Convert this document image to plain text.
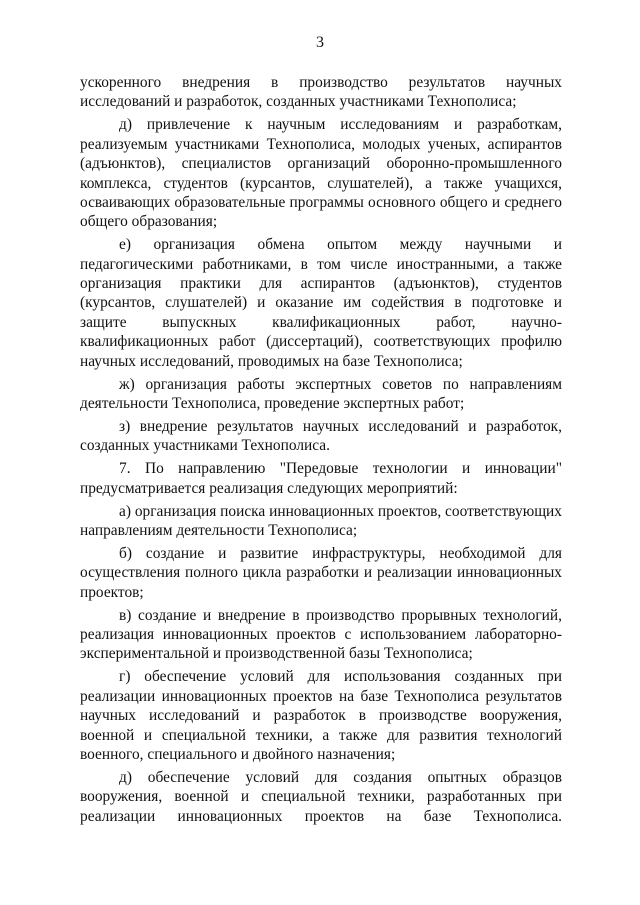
3

ускоренного внедрения в производство результатов научных исследований и разработок, созданных участниками Технополиса;

д) привлечение к научным исследованиям и разработкам, реализуемым участниками Технополиса, молодых ученых, аспирантов (адъюнктов), специалистов организаций оборонно-промышленного комплекса, студентов (курсантов, слушателей), а также учащихся, осваивающих образовательные программы основного общего и среднего общего образования;

е) организация обмена опытом между научными и педагогическими работниками, в том числе иностранными, а также организация практики для аспирантов (адъюнктов), студентов (курсантов, слушателей) и оказание им содействия в подготовке и защите выпускных квалификационных работ, научно-квалификационных работ (диссертаций), соответствующих профилю научных исследований, проводимых на базе Технополиса;

ж) организация работы экспертных советов по направлениям деятельности Технополиса, проведение экспертных работ;

з) внедрение результатов научных исследований и разработок, созданных участниками Технополиса.

7. По направлению "Передовые технологии и инновации" предусматривается реализация следующих мероприятий:

а) организация поиска инновационных проектов, соответствующих направлениям деятельности Технополиса;

б) создание и развитие инфраструктуры, необходимой для осуществления полного цикла разработки и реализации инновационных проектов;

в) создание и внедрение в производство прорывных технологий, реализация инновационных проектов с использованием лабораторно-экспериментальной и производственной базы Технополиса;

г) обеспечение условий для использования созданных при реализации инновационных проектов на базе Технополиса результатов научных исследований и разработок в производстве вооружения, военной и специальной техники, а также для развития технологий военного, специального и двойного назначения;

д) обеспечение условий для создания опытных образцов вооружения, военной и специальной техники, разработанных при реализации инновационных проектов на базе Технополиса.
